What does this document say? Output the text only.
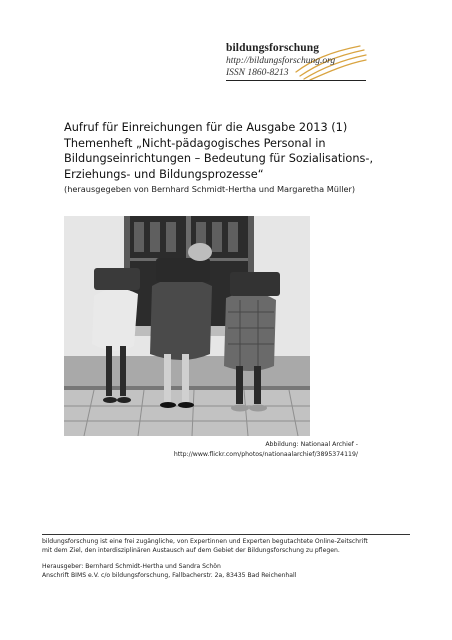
bildungsforschung
http://bildungsforschung.org
ISSN 1860-8213
Aufruf für Einreichungen für die Ausgabe 2013 (1)
Themenheft „Nicht-pädagogisches Personal in
Bildungseinrichtungen – Bedeutung für Sozialisations-,
Erziehungs- und Bildungsprozesse“
(herausgegeben von Bernhard Schmidt-Hertha und Margaretha Müller)
Abbildung: Nationaal Archief -
http://www.flickr.com/photos/nationaalarchief/3895374119/
bildungsforschung ist eine frei zugängliche, von Expertinnen und Experten begutachtete Online-Zeitschrift
mit dem Ziel, den interdisziplinären Austausch auf dem Gebiet der Bildungsforschung zu pflegen.
Herausgeber: Bernhard Schmidt-Hertha und Sandra Schön
Anschrift BIMS e.V. c/o bildungsforschung, Fallbacherstr. 2a, 83435 Bad Reichenhall
